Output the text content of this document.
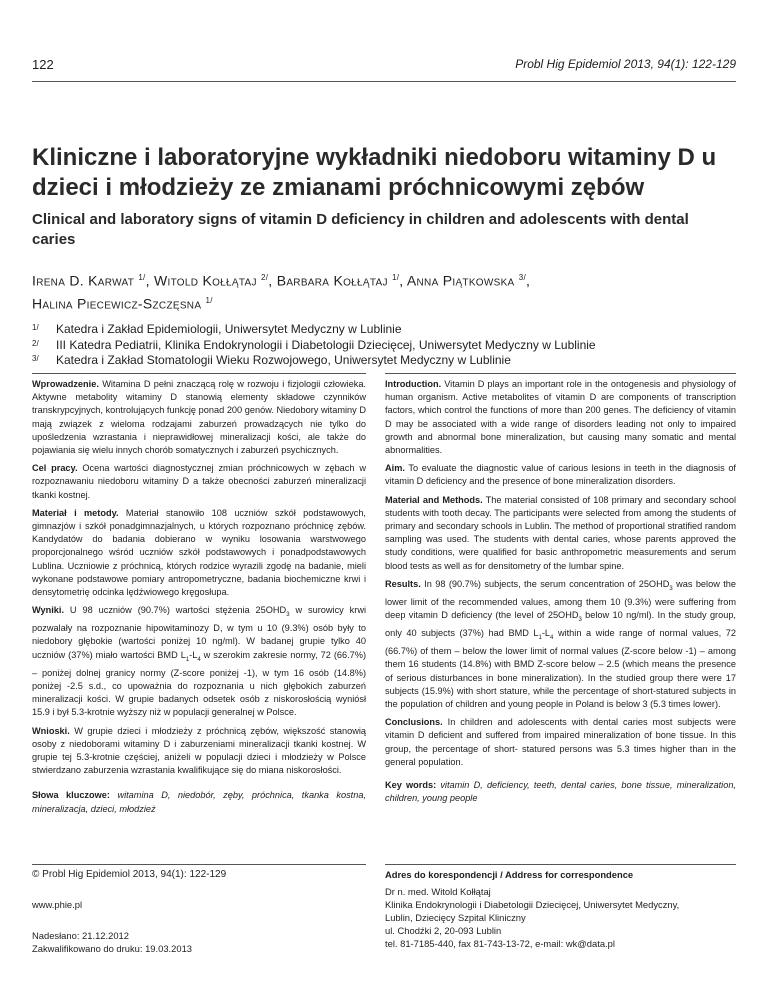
122	Probl Hig Epidemiol 2013, 94(1): 122-129
Kliniczne i laboratoryjne wykładniki niedoboru witaminy D u dzieci i młodzieży ze zmianami próchnicowymi zębów
Clinical and laboratory signs of vitamin D deficiency in children and adolescents with dental caries
Irena D. Karwat $^{1/}$, Witold Kołłątaj $^{2/}$, Barbara Kołłątaj $^{1/}$, Anna Piątkowska $^{3/}$,
Halina Piecewicz-Szczęsna $^{1/}$
1/	Katedra i Zakład Epidemiologii, Uniwersytet Medyczny w Lublinie
2/	III Katedra Pediatrii, Klinika Endokrynologii i Diabetologii Dziecięcej, Uniwersytet Medyczny w Lublinie
3/	Katedra i Zakład Stomatologii Wieku Rozwojowego, Uniwersytet Medyczny w Lublinie

Wprowadzenie. Witamina D pełni znaczącą rolę w rozwoju i fizjologii człowieka. Aktywne metabolity witaminy D stanowią elementy składowe czynników transkrypcyjnych, kontrolujących funkcję ponad 200 genów. Niedobory witaminy D mają związek z wieloma rodzajami zaburzeń prowadzących nie tylko do upośledzenia wzrastania i nieprawidłowej mineralizacji kości, ale także do pojawiania się wielu innych chorób somatycznych i zaburzeń psychicznych.

Cel pracy. Ocena wartości diagnostycznej zmian próchnicowych w zębach w rozpoznawaniu niedoboru witaminy D a także obecności zaburzeń mineralizacji tkanki kostnej.

Materiał i metody. Materiał stanowiło 108 uczniów szkół podstawowych, gimnazjów i szkół ponadgimnazjalnych, u których rozpoznano próchnicę zębów. Kandydatów do badania dobierano w wyniku losowania warstwowego proporcjonalnego wśród uczniów szkół podstawowych i ponadpodstawowych Lublina. Uczniowie z próchnicą, których rodzice wyrazili zgodę na badanie, mieli wykonane podstawowe pomiary antropometryczne, badania biochemiczne krwi i densytometrię odcinka lędźwiowego kręgosłupa.

Wyniki. U 98 uczniów (90.7%) wartości stężenia $25OHD_3$ w surowicy krwi pozwalały na rozpoznanie hipowitaminozy D, w tym u 10 (9.3%) osób były to niedobory głębokie (wartości poniżej 10 ng/ml). W badanej grupie tylko 40 uczniów (37%) miało wartości BMD $L_1-L_4$ w szerokim zakresie normy, 72 (66.7%) – poniżej dolnej granicy normy (Z-score poniżej -1), w tym 16 osób (14.8%) poniżej -2.5 s.d., co upoważnia do rozpoznania u nich głębokich zaburzeń mineralizacji kości. W grupie badanych odsetek osób z niskorosłością wyniósł 15.9 i był 5.3-krotnie wyższy niż w populacji generalnej w Polsce.

Wnioski. W grupie dzieci i młodzieży z próchnicą zębów, większość stanowią osoby z niedoborami witaminy D i zaburzeniami mineralizacji tkanki kostnej. W grupie tej 5.3-krotnie częściej, aniżeli w populacji dzieci i młodzieży w Polsce stwierdzano zaburzenia wzrastania kwalifikujące się do miana niskorosłości.

Słowa kluczowe: witamina D, niedobór, zęby, próchnica, tkanka kostna, mineralizacja, dzieci, młodzież

Introduction. Vitamin D plays an important role in the ontogenesis and physiology of human organism. Active metabolites of vitamin D are components of transcription factors, which control the functions of more than 200 genes. The deficiency of vitamin D may be associated with a wide range of disorders leading not only to impaired growth and abnormal bone mineralization, but causing many somatic and mental abnormalities.

Aim. To evaluate the diagnostic value of carious lesions in teeth in the diagnosis of vitamin D deficiency and the presence of bone mineralization disorders.

Material and Methods. The material consisted of 108 primary and secondary school students with tooth decay. The participants were selected from among the students of primary and secondary schools in Lublin. The method of proportional stratified random sampling was used. The students with dental caries, whose parents approved the study conditions, were qualified for basic anthropometric measurements and serum blood tests as well as for densitometry of the lumbar spine.

Results. In 98 (90.7%) subjects, the serum concentration of $25OHD_3$ was below the lower limit of the recommended values, among them 10 (9.3%) were suffering from deep vitamin D deficiency (the level of $25OHD_3$ below 10 ng/ml). In the study group, only 40 subjects (37%) had BMD $L_1-L_4$ within a wide range of normal values, 72 (66.7%) of them – below the lower limit of normal values (Z-score below -1) – among them 16 students (14.8%) with BMD Z-score below – 2.5 (which means the presence of serious disturbances in bone mineralization). In the studied group there were 17 subjects (15.9%) with short stature, while the percentage of short-statured subjects in the population of children and young people in Poland is below 3 (5.3 times lower).

Conclusions. In children and adolescents with dental caries most subjects were vitamin D deficient and suffered from impaired mineralization of bone tissue. In this group, the percentage of short- statured persons was 5.3 times higher than in the general population.

Key words: vitamin D, deficiency, teeth, dental caries, bone tissue, mineralization, children, young people

© Probl Hig Epidemiol 2013, 94(1): 122-129
www.phie.pl
Nadesłano: 21.12.2012
Zakwalifikowano do druku: 19.03.2013
Adres do korespondencji / Address for correspondence
Dr n. med. Witold Kołłątaj
Klinika Endokrynologii i Diabetologii Dziecięcej, Uniwersytet Medyczny,
Lublin, Dziecięcy Szpital Kliniczny
ul. Chodźki 2, 20-093 Lublin
tel. 81-7185-440, fax 81-743-13-72, e-mail: wk@data.pl
